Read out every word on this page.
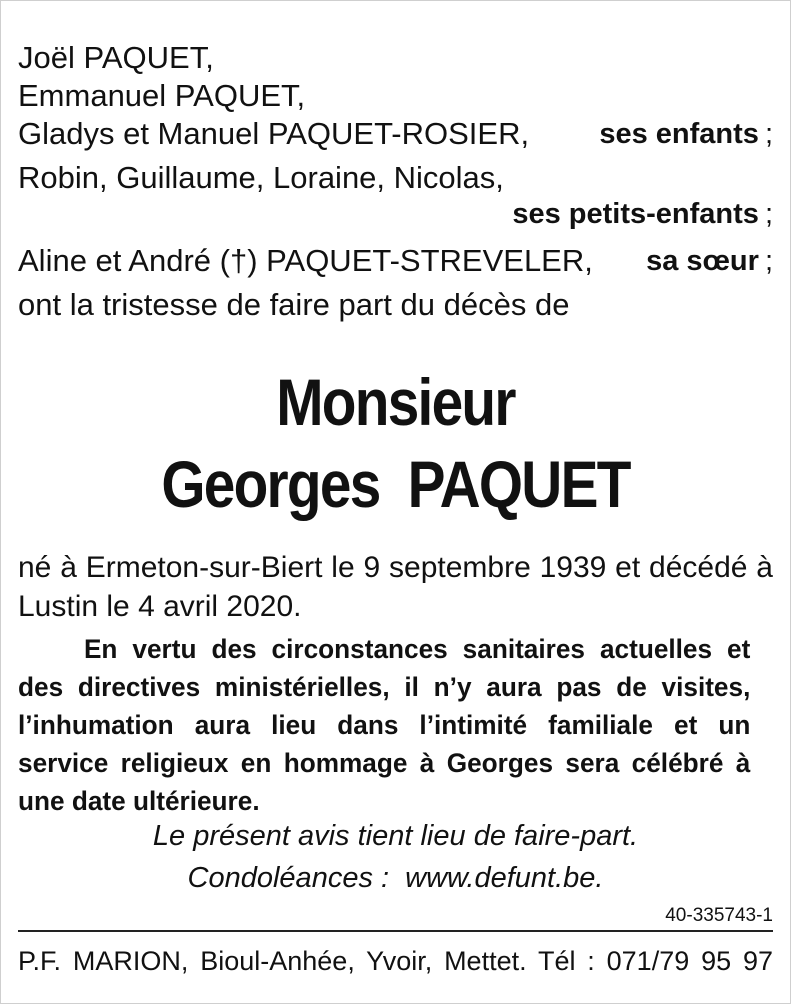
Joël PAQUET,
Emmanuel PAQUET,
Gladys et Manuel PAQUET-ROSIER,	ses enfants ;
Robin, Guillaume, Loraine, Nicolas,
ses petits-enfants ;
Aline et André (†) PAQUET-STREVELER,	sa sœur ;
ont la tristesse de faire part du décès de
Monsieur
Georges  PAQUET
né à Ermeton-sur-Biert le 9 septembre 1939 et décédé à Lustin le 4 avril 2020.
En vertu des circonstances sanitaires actuelles et des directives ministérielles, il n’y aura pas de visites, l’inhumation aura lieu dans l’intimité familiale et un service religieux en hommage à Georges sera célébré à une date ultérieure.
Le présent avis tient lieu de faire-part.
Condoléances :  www.defunt.be.
40-335743-1
P.F. MARION, Bioul-Anhée, Yvoir, Mettet. Tél : 071/79 95 97
